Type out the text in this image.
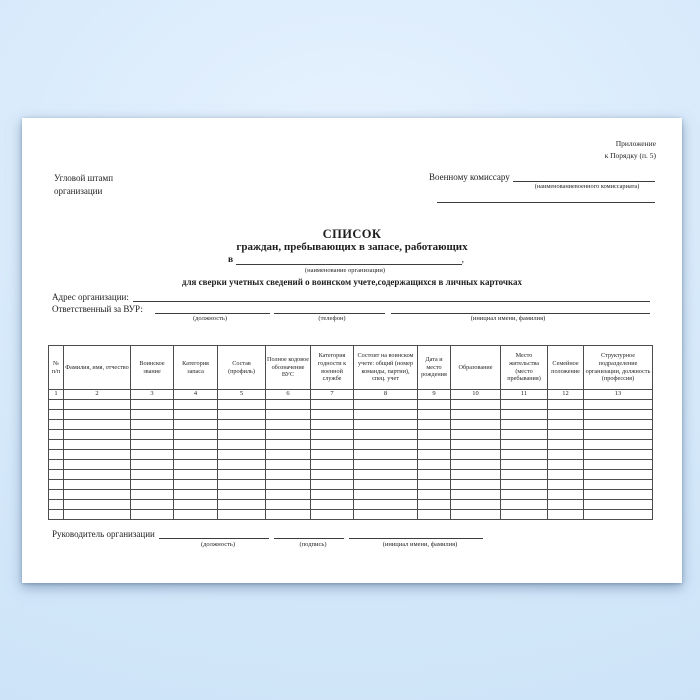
Приложение
к Порядку (п. 5)
Угловой штамп
организации
Военному комиссару
(наименованиевоенного комиссариата)
СПИСОК
граждан, пребывающих в запасе, работающих
в	,
(наименование организации)
для сверки учетных сведений о воинском учете,содержащихся в личных карточках
Адрес организации:
Ответственный за ВУР:
(должность)	(телефон)	(инициал имени, фамилия)
№ п/п	Фамилия, имя, отчество	Воинское звание	Категория запаса	Состав (профиль)	Полное кодовое обозначение ВУС	Категория годности к военной службе	Состоит на воинском учете: общий (номер команды, партии), спец. учет	Дата и место рождения	Образование	Место жительства (место пребывания)	Семейное положение	Структурное подразделение организации, должность (профессия)
1	2	3	4	5	6	7	8	9	10	11	12	13

Руководитель организации
(должность)	(подпись)	(инициал имени, фамилия)
